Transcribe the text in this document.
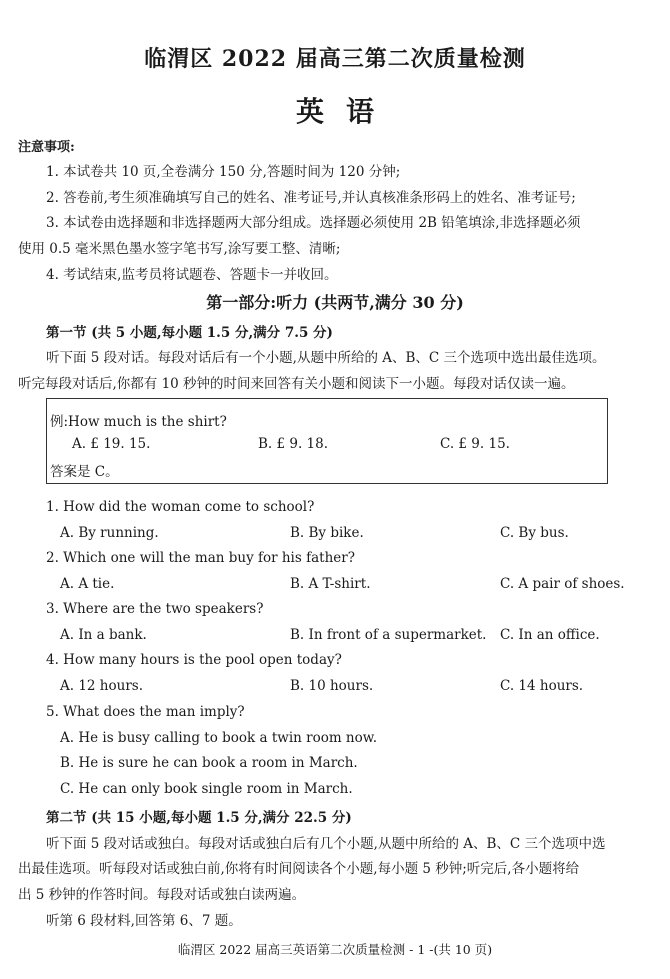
临渭区 2022 届高三第二次质量检测
英语
注意事项:
1. 本试卷共 10 页,全卷满分 150 分,答题时间为 120 分钟;
2. 答卷前,考生须准确填写自己的姓名、准考证号,并认真核准条形码上的姓名、准考证号;
3. 本试卷由选择题和非选择题两大部分组成。选择题必须使用 2B 铅笔填涂,非选择题必须
使用 0.5 毫米黑色墨水签字笔书写,涂写要工整、清晰;
4. 考试结束,监考员将试题卷、答题卡一并收回。
第一部分:听力 (共两节,满分 30 分)
第一节 (共 5 小题,每小题 1.5 分,满分 7.5 分)
听下面 5 段对话。每段对话后有一个小题,从题中所给的 A、B、C 三个选项中选出最佳选项。
听完每段对话后,你都有 10 秒钟的时间来回答有关小题和阅读下一小题。每段对话仅读一遍。
例:How much is the shirt?
A. £ 19. 15.	B. £ 9. 18.	C. £ 9. 15.
答案是 C。
1. How did the woman come to school?
A. By running.	B. By bike.	C. By bus.
2. Which one will the man buy for his father?
A. A tie.	B. A T-shirt.	C. A pair of shoes.
3. Where are the two speakers?
A. In a bank.	B. In front of a supermarket. C. In an office.
4. How many hours is the pool open today?
A. 12 hours.	B. 10 hours.	C. 14 hours.
5. What does the man imply?
A. He is busy calling to book a twin room now.
B. He is sure he can book a room in March.
C. He can only book single room in March.
第二节 (共 15 小题,每小题 1.5 分,满分 22.5 分)
听下面 5 段对话或独白。每段对话或独白后有几个小题,从题中所给的 A、B、C 三个选项中选
出最佳选项。听每段对话或独白前,你将有时间阅读各个小题,每小题 5 秒钟;听完后,各小题将给
出 5 秒钟的作答时间。每段对话或独白读两遍。
听第 6 段材料,回答第 6、7 题。
临渭区 2022 届高三英语第二次质量检测 - 1 -(共 10 页)
